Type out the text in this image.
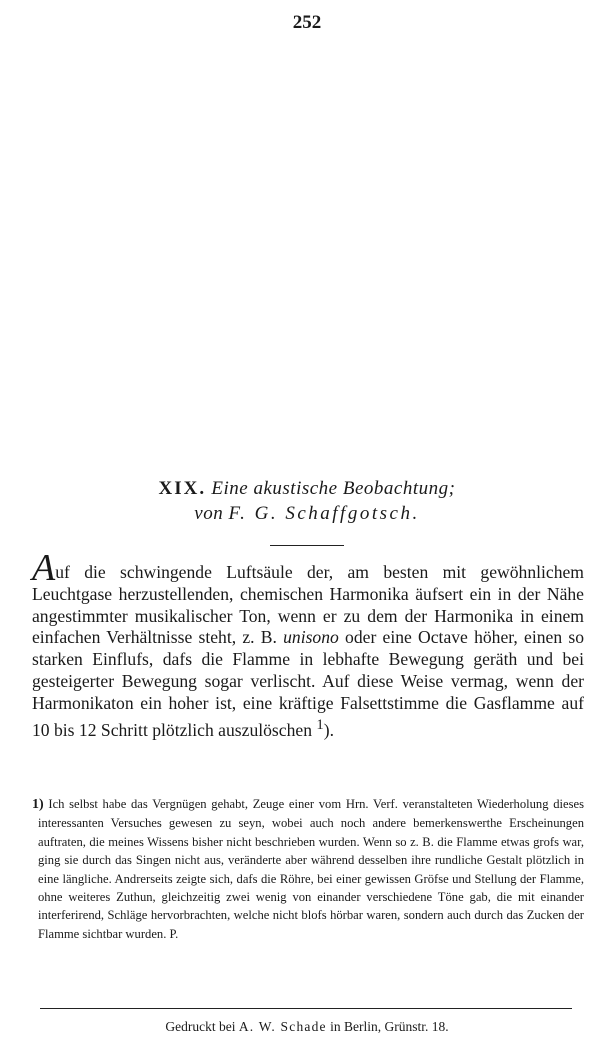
252
XIX. Eine akustische Beobachtung;
von F. G. Schaffgotsch.

Auf die schwingende Luftsäule der, am besten mit gewöhnlichem Leuchtgase herzustellenden, chemischen Harmonika äufsert ein in der Nähe angestimmter musikalischer Ton, wenn er zu dem der Harmonika in einem einfachen Verhältnisse steht, z. B. unisono oder eine Octave höher, einen so starken Einflufs, dafs die Flamme in lebhafte Bewegung geräth und bei gesteigerter Bewegung sogar verlischt. Auf diese Weise vermag, wenn der Harmonikaton ein hoher ist, eine kräftige Falsettstimme die Gasflamme auf 10 bis 12 Schritt plötzlich auszulöschen $^1$).

1) Ich selbst habe das Vergnügen gehabt, Zeuge einer vom Hrn. Verf. veranstalteten Wiederholung dieses interessanten Versuches gewesen zu seyn, wobei auch noch andere bemerkenswerthe Erscheinungen auftraten, die meines Wissens bisher nicht beschrieben wurden. Wenn so z. B. die Flamme etwas grofs war, ging sie durch das Singen nicht aus, veränderte aber während desselben ihre rundliche Gestalt plötzlich in eine längliche. Andrerseits zeigte sich, dafs die Röhre, bei einer gewissen Gröfse und Stellung der Flamme, ohne weiteres Zuthun, gleichzeitig zwei wenig von einander verschiedene Töne gab, die mit einander interferirend, Schläge hervorbrachten, welche nicht blofs hörbar waren, sondern auch durch das Zucken der Flamme sichtbar wurden. P.

Gedruckt bei A. W. Schade in Berlin, Grünstr. 18.
